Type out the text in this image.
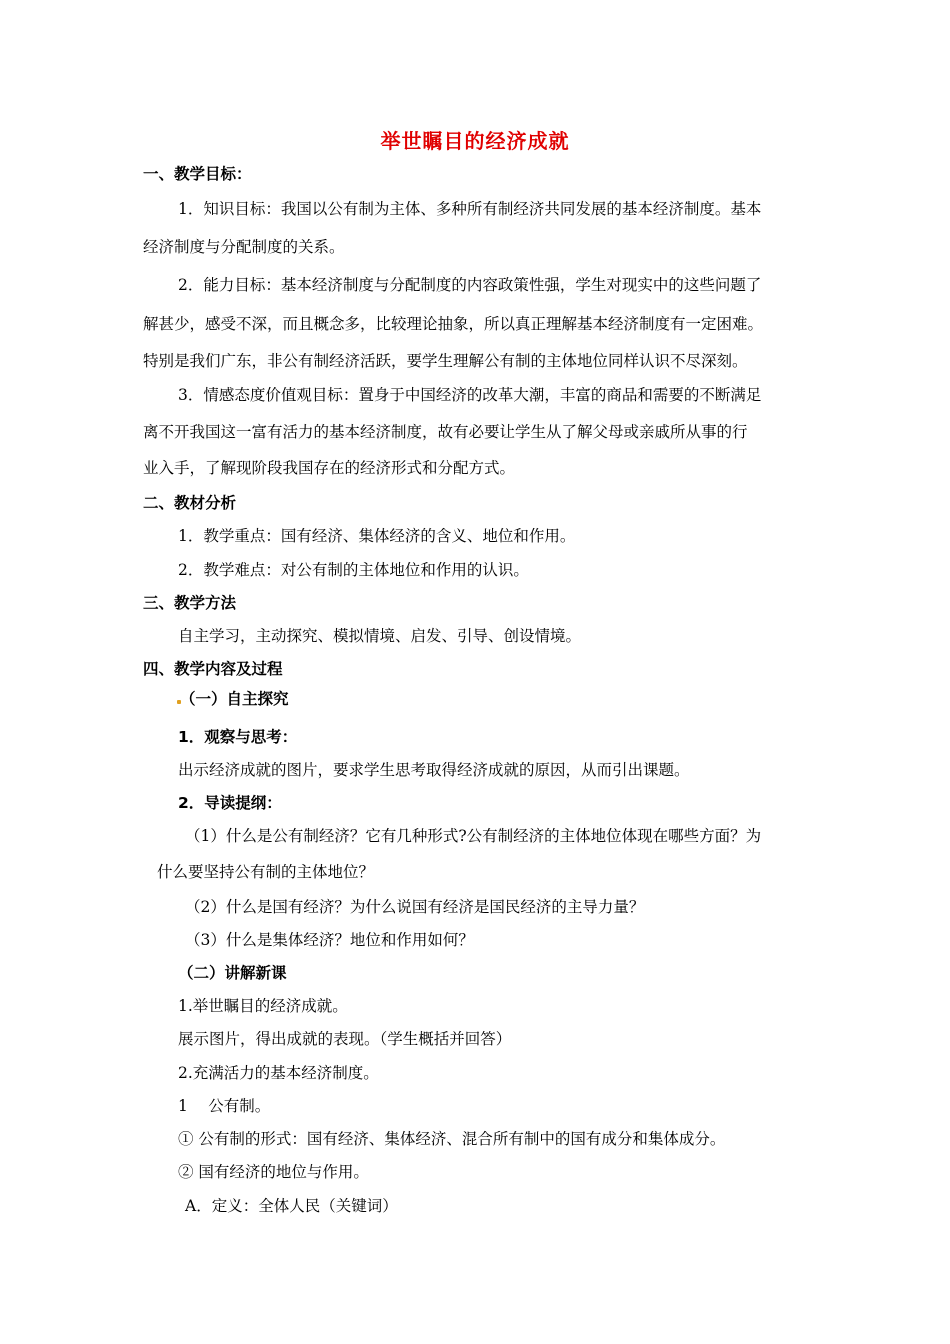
举世瞩目的经济成就
一、教学目标：
1．知识目标：我国以公有制为主体、多种所有制经济共同发展的基本经济制度。基本
经济制度与分配制度的关系。
2．能力目标：基本经济制度与分配制度的内容政策性强，学生对现实中的这些问题了
解甚少，感受不深，而且概念多，比较理论抽象，所以真正理解基本经济制度有一定困难。
特别是我们广东，非公有制经济活跃，要学生理解公有制的主体地位同样认识不尽深刻。
3．情感态度价值观目标：置身于中国经济的改革大潮，丰富的商品和需要的不断满足
离不开我国这一富有活力的基本经济制度，故有必要让学生从了解父母或亲戚所从事的行
业入手，了解现阶段我国存在的经济形式和分配方式。
二、教材分析
1．教学重点：国有经济、集体经济的含义、地位和作用。
2．教学难点：对公有制的主体地位和作用的认识。
三、教学方法
自主学习，主动探究、模拟情境、启发、引导、创设情境。
四、教学内容及过程
（一）自主探究
1．观察与思考：
出示经济成就的图片，要求学生思考取得经济成就的原因，从而引出课题。
2．导读提纲：
（1）什么是公有制经济？它有几种形式?公有制经济的主体地位体现在哪些方面？为
什么要坚持公有制的主体地位？
（2）什么是国有经济？为什么说国有经济是国民经济的主导力量？
（3）什么是集体经济？地位和作用如何？
（二）讲解新课
1.举世瞩目的经济成就。
展示图片，得出成就的表现。（学生概括并回答）
2.充满活力的基本经济制度。
1　 公有制。
① 公有制的形式：国有经济、集体经济、混合所有制中的国有成分和集体成分。
② 国有经济的地位与作用。
A．定义：全体人民（关键词）
